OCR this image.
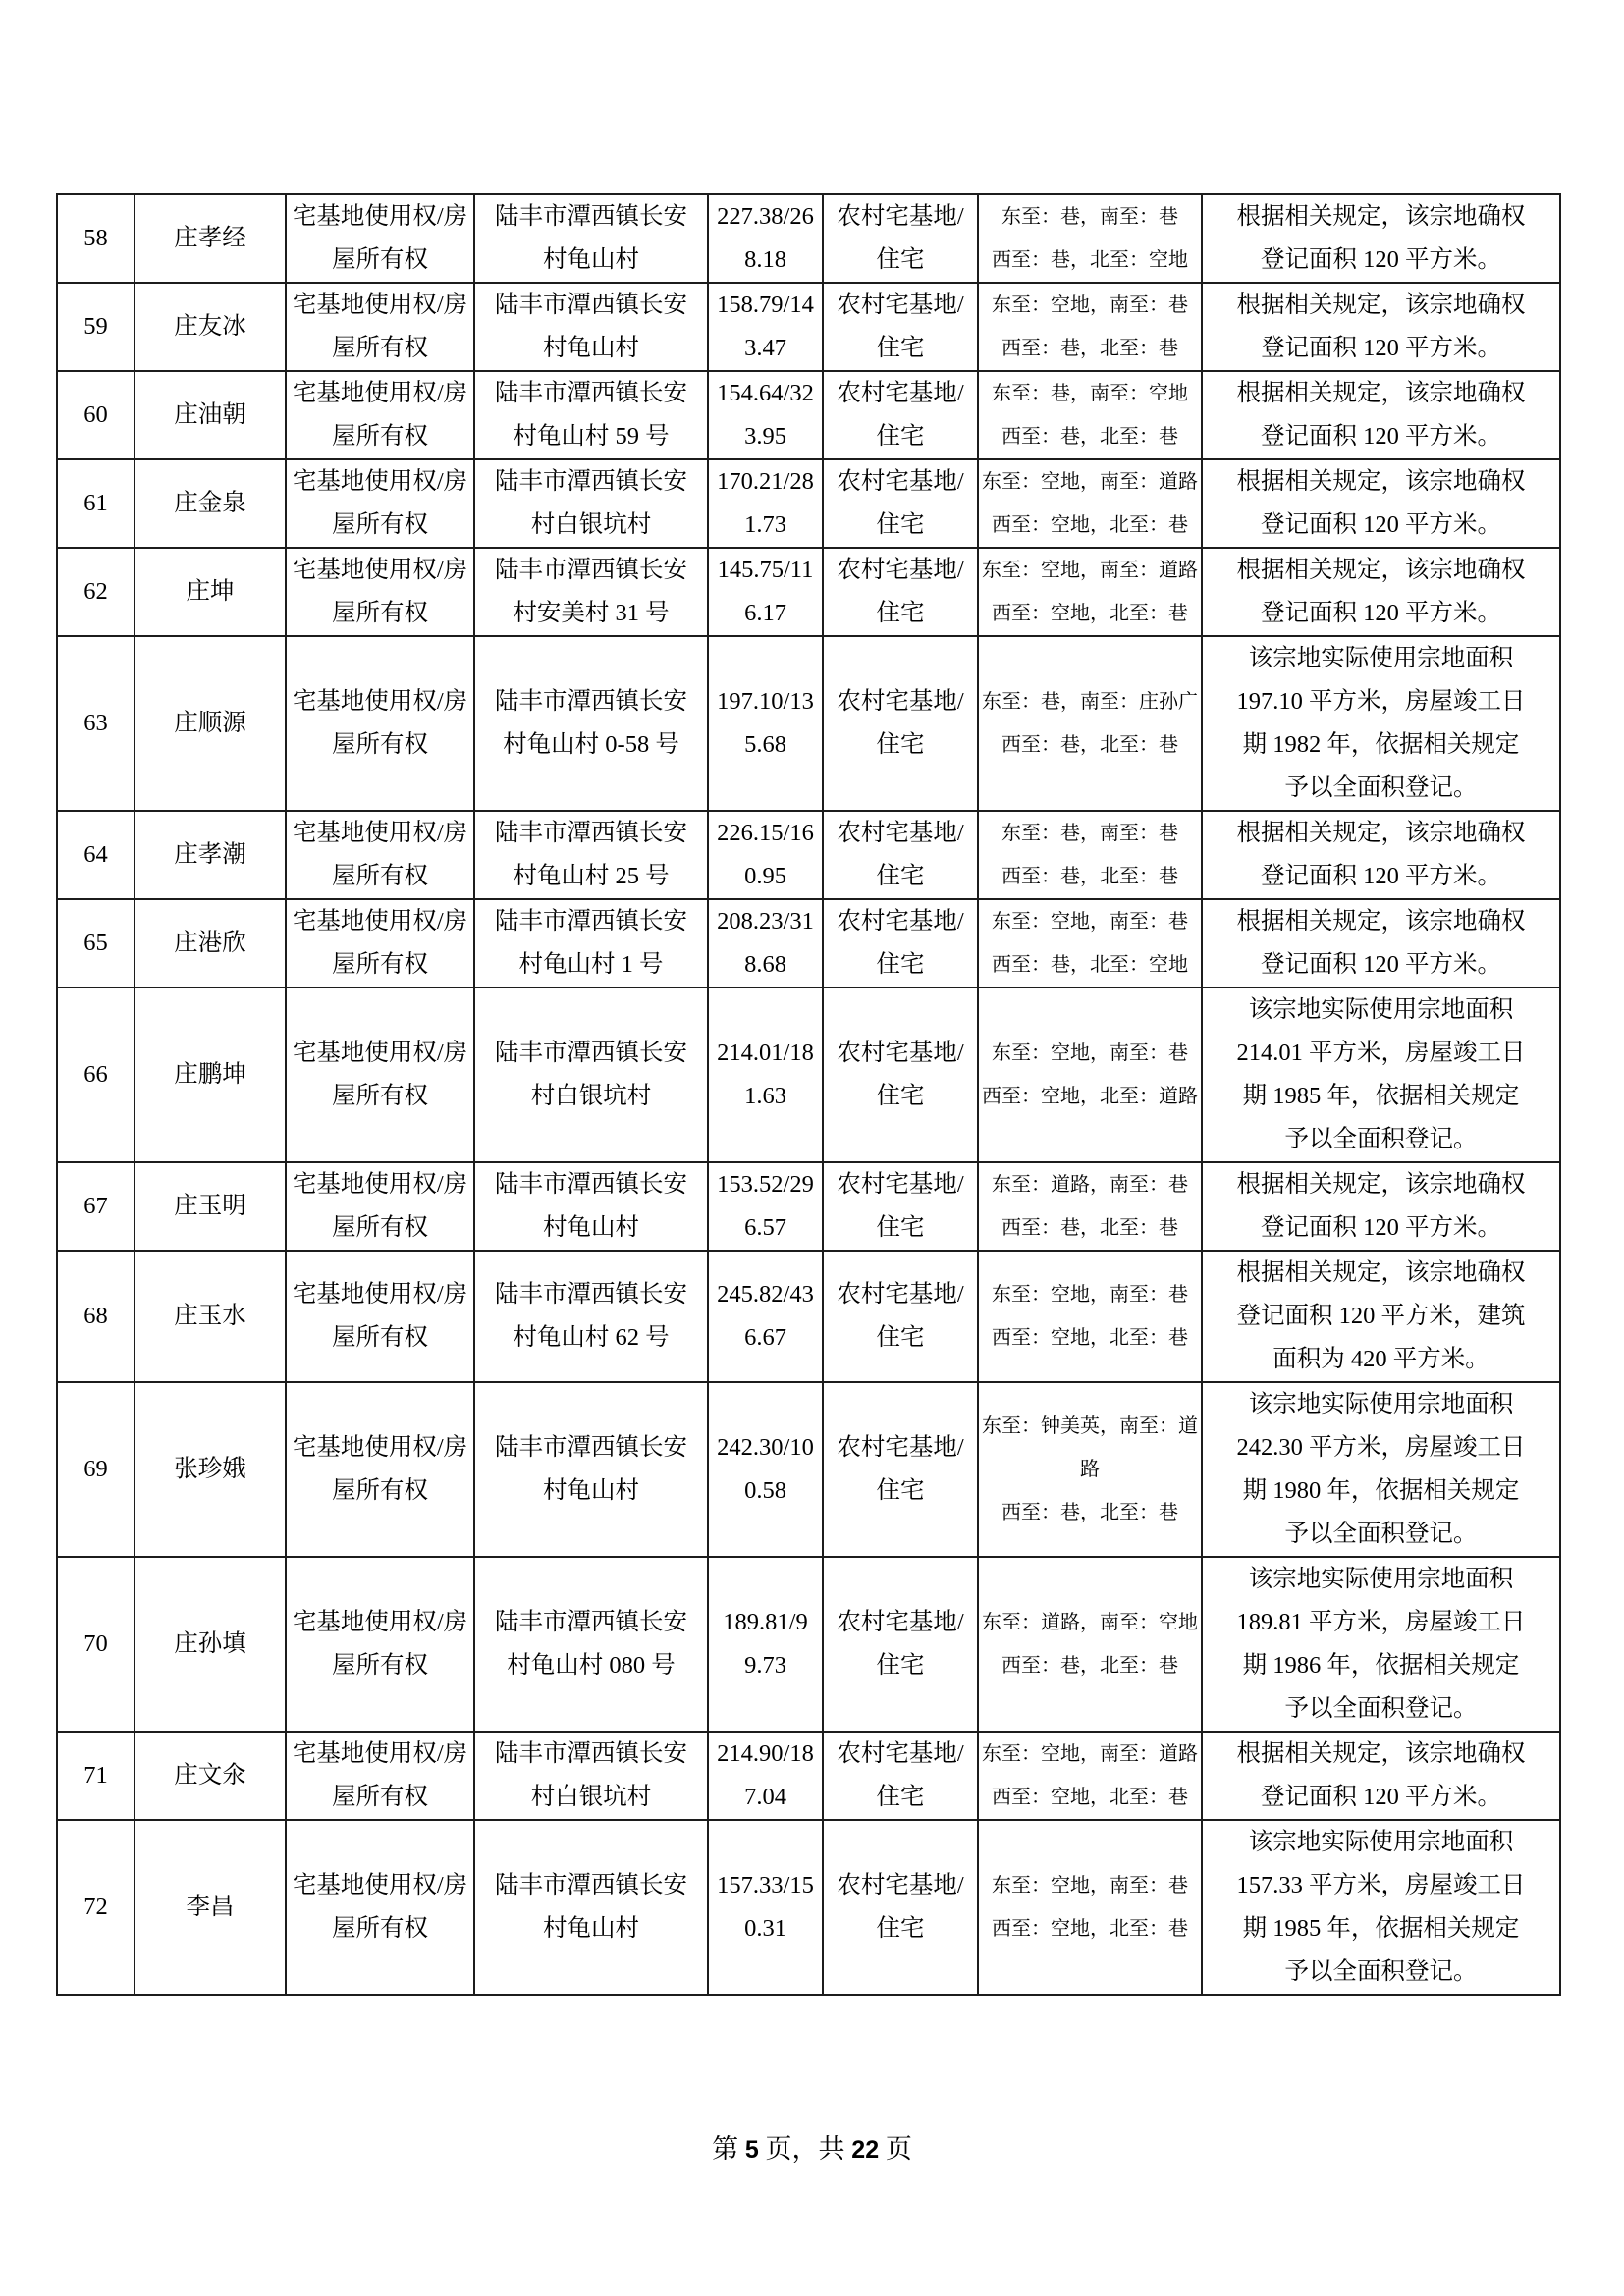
58	庄孝经	宅基地使用权/房屋所有权	陆丰市潭西镇长安村龟山村	227.38/268.18	农村宅基地/住宅	东至：巷，南至：巷
西至：巷，北至：空地	根据相关规定，该宗地确权登记面积 120 平方米。
59	庄友冰	宅基地使用权/房屋所有权	陆丰市潭西镇长安村龟山村	158.79/143.47	农村宅基地/住宅	东至：空地，南至：巷
西至：巷，北至：巷	根据相关规定，该宗地确权登记面积 120 平方米。
60	庄油朝	宅基地使用权/房屋所有权	陆丰市潭西镇长安村龟山村 59 号	154.64/323.95	农村宅基地/住宅	东至：巷，南至：空地
西至：巷，北至：巷	根据相关规定，该宗地确权登记面积 120 平方米。
61	庄金泉	宅基地使用权/房屋所有权	陆丰市潭西镇长安村白银坑村	170.21/281.73	农村宅基地/住宅	东至：空地，南至：道路
西至：空地，北至：巷	根据相关规定，该宗地确权登记面积 120 平方米。
62	庄坤	宅基地使用权/房屋所有权	陆丰市潭西镇长安村安美村 31 号	145.75/116.17	农村宅基地/住宅	东至：空地，南至：道路
西至：空地，北至：巷	根据相关规定，该宗地确权登记面积 120 平方米。
63	庄顺源	宅基地使用权/房屋所有权	陆丰市潭西镇长安村龟山村 0-58 号	197.10/135.68	农村宅基地/住宅	东至：巷，南至：庄孙广
西至：巷，北至：巷	该宗地实际使用宗地面积 197.10 平方米，房屋竣工日期 1982 年，依据相关规定予以全面积登记。
64	庄孝潮	宅基地使用权/房屋所有权	陆丰市潭西镇长安村龟山村 25 号	226.15/160.95	农村宅基地/住宅	东至：巷，南至：巷
西至：巷，北至：巷	根据相关规定，该宗地确权登记面积 120 平方米。
65	庄港欣	宅基地使用权/房屋所有权	陆丰市潭西镇长安村龟山村 1 号	208.23/318.68	农村宅基地/住宅	东至：空地，南至：巷
西至：巷，北至：空地	根据相关规定，该宗地确权登记面积 120 平方米。
66	庄鹏坤	宅基地使用权/房屋所有权	陆丰市潭西镇长安村白银坑村	214.01/181.63	农村宅基地/住宅	东至：空地，南至：巷
西至：空地，北至：道路	该宗地实际使用宗地面积 214.01 平方米，房屋竣工日期 1985 年，依据相关规定予以全面积登记。
67	庄玉明	宅基地使用权/房屋所有权	陆丰市潭西镇长安村龟山村	153.52/296.57	农村宅基地/住宅	东至：道路，南至：巷
西至：巷，北至：巷	根据相关规定，该宗地确权登记面积 120 平方米。
68	庄玉水	宅基地使用权/房屋所有权	陆丰市潭西镇长安村龟山村 62 号	245.82/436.67	农村宅基地/住宅	东至：空地，南至：巷
西至：空地，北至：巷	根据相关规定，该宗地确权登记面积 120 平方米，建筑面积为 420 平方米。
69	张珍娥	宅基地使用权/房屋所有权	陆丰市潭西镇长安村龟山村	242.30/100.58	农村宅基地/住宅	东至：钟美英，南至：道路
西至：巷，北至：巷	该宗地实际使用宗地面积 242.30 平方米，房屋竣工日期 1980 年，依据相关规定予以全面积登记。
70	庄孙填	宅基地使用权/房屋所有权	陆丰市潭西镇长安村龟山村 080 号	189.81/99.73	农村宅基地/住宅	东至：道路，南至：空地
西至：巷，北至：巷	该宗地实际使用宗地面积 189.81 平方米，房屋竣工日期 1986 年，依据相关规定予以全面积登记。
71	庄文氽	宅基地使用权/房屋所有权	陆丰市潭西镇长安村白银坑村	214.90/187.04	农村宅基地/住宅	东至：空地，南至：道路
西至：空地，北至：巷	根据相关规定，该宗地确权登记面积 120 平方米。
72	李昌	宅基地使用权/房屋所有权	陆丰市潭西镇长安村龟山村	157.33/150.31	农村宅基地/住宅	东至：空地，南至：巷
西至：空地，北至：巷	该宗地实际使用宗地面积 157.33 平方米，房屋竣工日期 1985 年，依据相关规定予以全面积登记。
第 5 页，共 22 页
